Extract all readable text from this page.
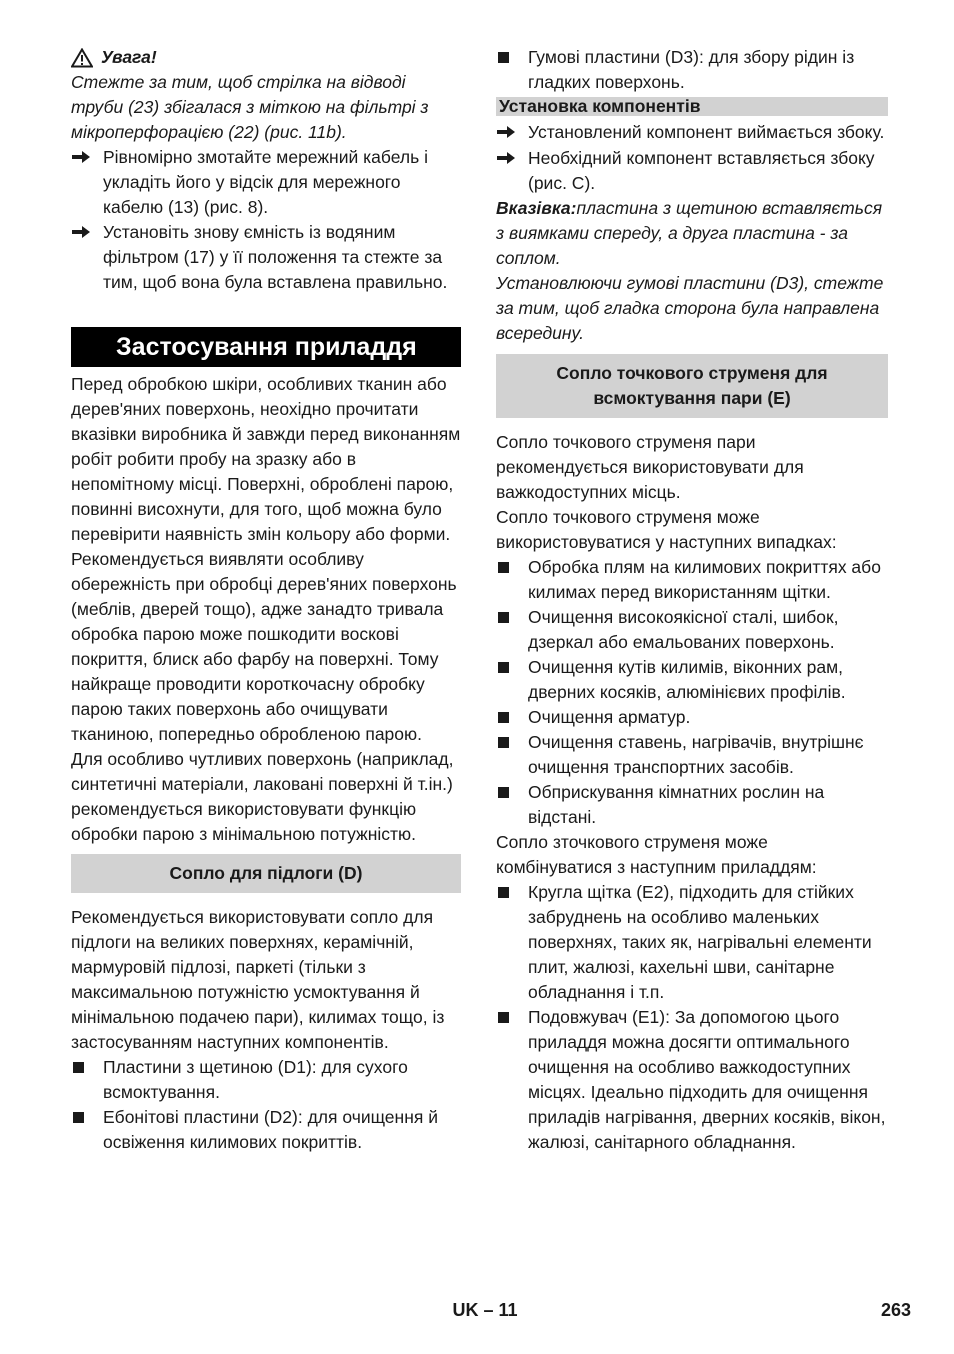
Увага!

Стежте за тим, щоб стрілка на відводі труби (23) збігалася з міткою на фільтрі з мікроперфорацією (22) (рис. 11b).

Рівномірно змотайте мережний кабель і укладіть його у відсік для мережного кабелю (13) (рис. 8).
Установіть знову ємність із водяним фільтром (17) у її положення та стежте за тим, щоб вона була вставлена правильно.
Застосування приладдя

Перед обробкою шкіри, особливих тканин або дерев'яних поверхонь, неохідно прочитати вказівки виробника й завжди перед виконанням робіт робити пробу на зразку або в непомітному місці. Поверхні, оброблені парою, повинні висохнути, для того, щоб можна було перевірити наявність змін кольору або форми.

Рекомендується виявляти особливу обережність при обробці дерев'яних поверхонь (меблів, дверей тощо), адже занадто тривала обробка парою може пошкодити воскові покриття, блиск або фарбу на поверхні. Тому найкраще проводити короткочасну обробку парою таких поверхонь або очищувати тканиною, попередньо обробленою парою.

Для особливо чутливих поверхонь (наприклад, синтетичні матеріали, лаковані поверхні й т.ін.) рекомендується використовувати функцію обробки парою з мінімальною потужністю.

Сопло для підлоги (D)

Рекомендується використовувати сопло для підлоги на великих поверхнях, керамічній, мармуровій підлозі, паркеті (тільки з максимальною потужністю усмоктування й мінімальною подачею пари), килимах тощо, із застосуванням наступних компонентів.

Пластини з щетиною (D1): для сухого всмоктування.
Ебонітові пластини (D2): для очищення й освіження килимових покриттів.
Гумові пластини (D3): для збору рідин із гладких поверхонь.
Установка компонентів
Установлений компонент виймається збоку.
Необхідний компонент вставляється збоку (рис. C).

Вказівка:пластина з щетиною вставляється з виямками спереду, а друга пластина - за соплом.

Установлюючи гумові пластини (D3), стежте за тим, щоб гладка сторона була направлена всередину.

Сопло точкового струменя для всмоктування пари (E)

Сопло точкового струменя пари рекомендується використовувати для важкодоступних місць.

Сопло точкового струменя може використовуватися у наступних випадках:

Обробка плям на килимових покриттях або килимах перед використанням щітки.
Очищення високоякісної сталі, шибок, дзеркал або емальованих поверхонь.
Очищення кутів килимів, віконних рам, дверних косяків, алюмінієвих профілів.
Очищення арматур.
Очищення ставень, нагрівачів, внутрішнє очищення транспортних засобів.
Обприскування кімнатних рослин на відстані.

Сопло зточкового струменя може комбінуватися з наступним приладдям:

Кругла щітка (E2), підходить для стійких забруднень на особливо маленьких поверхнях, таких як, нагрівальні елементи плит, жалюзі, кахельні шви, санітарне обладнання і т.п.
Подовжувач (E1): За допомогою цього приладдя можна досягти оптимального очищення на особливо важкодоступних місцях. Ідеально підходить для очищення приладів нагрівання, дверних косяків, вікон, жалюзі, санітарного обладнання.
UK – 11	263
